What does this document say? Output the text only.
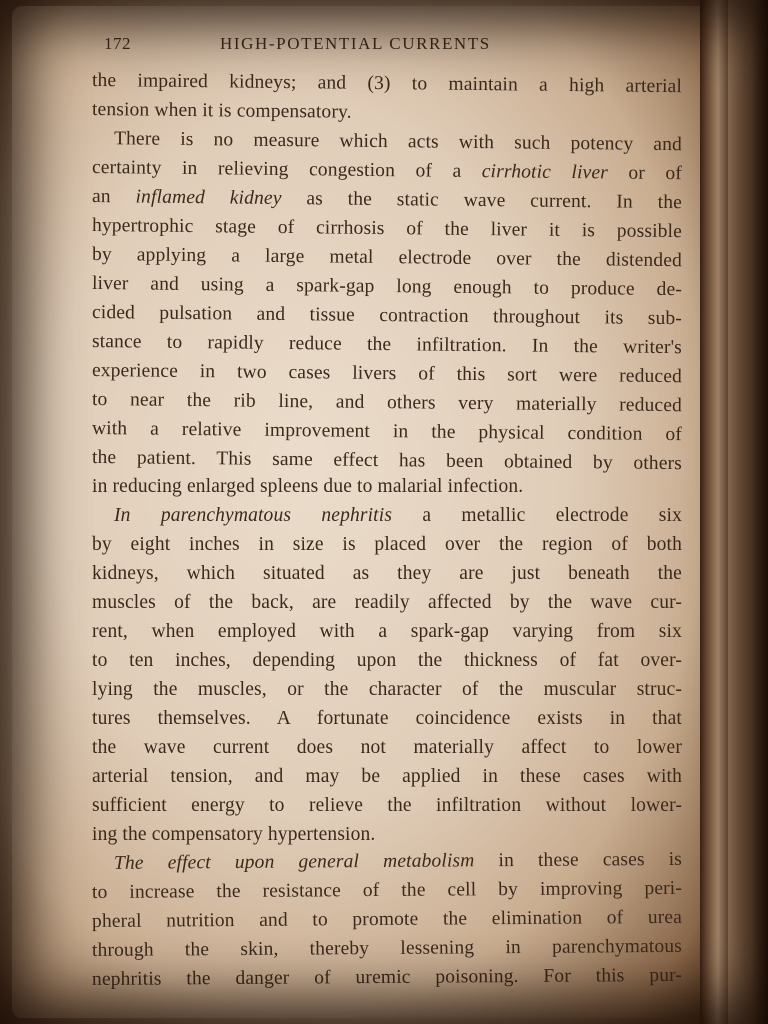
172	HIGH-POTENTIAL CURRENTS
the impaired kidneys; and (3) to maintain a high arterial
tension when it is compensatory.
There is no measure which acts with such potency and
certainty in relieving congestion of a cirrhotic liver or of
an inflamed kidney as the static wave current. In the
hypertrophic stage of cirrhosis of the liver it is possible
by applying a large metal electrode over the distended
liver and using a spark-gap long enough to produce de-
cided pulsation and tissue contraction throughout its sub-
stance to rapidly reduce the infiltration. In the writer's
experience in two cases livers of this sort were reduced
to near the rib line, and others very materially reduced
with a relative improvement in the physical condition of
the patient. This same effect has been obtained by others
in reducing enlarged spleens due to malarial infection.
In parenchymatous nephritis a metallic electrode six
by eight inches in size is placed over the region of both
kidneys, which situated as they are just beneath the
muscles of the back, are readily affected by the wave cur-
rent, when employed with a spark-gap varying from six
to ten inches, depending upon the thickness of fat over-
lying the muscles, or the character of the muscular struc-
tures themselves. A fortunate coincidence exists in that
the wave current does not materially affect to lower
arterial tension, and may be applied in these cases with
sufficient energy to relieve the infiltration without lower-
ing the compensatory hypertension.
The effect upon general metabolism in these cases is
to increase the resistance of the cell by improving peri-
pheral nutrition and to promote the elimination of urea
through the skin, thereby lessening in parenchymatous
nephritis the danger of uremic poisoning. For this pur-
